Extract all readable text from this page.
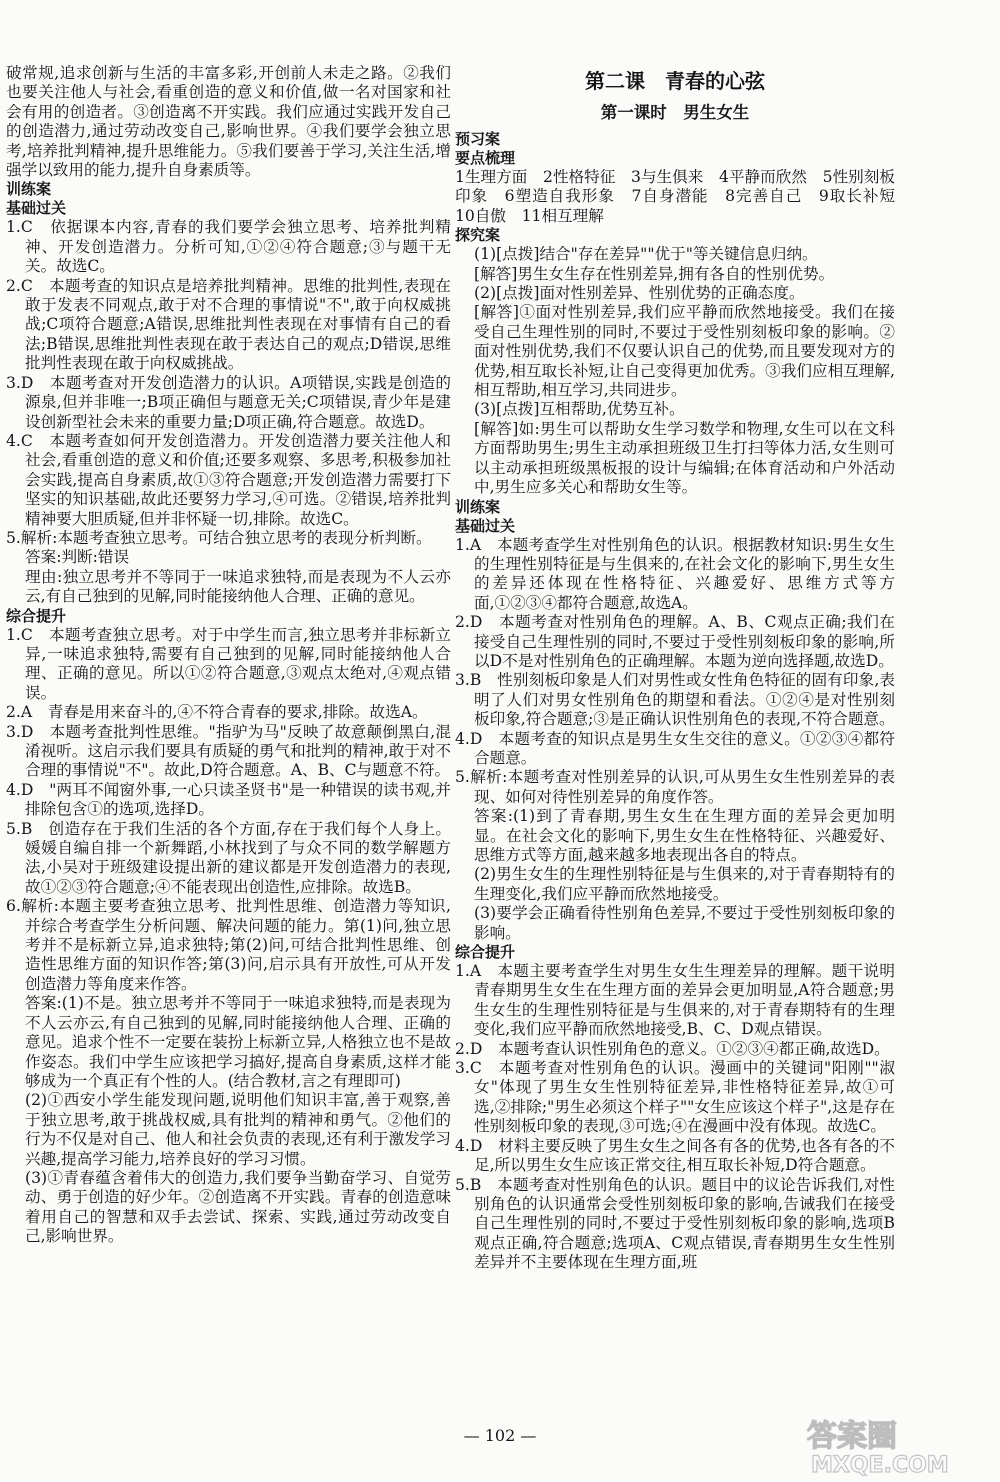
破常规,追求创新与生活的丰富多彩,开创前人未走之路。②我们也要关注他人与社会,看重创造的意义和价值,做一名对国家和社会有用的创造者。③创造离不开实践。我们应通过实践开发自己的创造潜力,通过劳动改变自己,影响世界。④我们要学会独立思考,培养批判精神,提升思维能力。⑤我们要善于学习,关注生活,增强学以致用的能力,提升自身素质等。

训练案

基础过关

1.C　依据课本内容,青春的我们要学会独立思考、培养批判精神、开发创造潜力。分析可知,①②④符合题意;③与题干无关。故选C。

2.C　本题考查的知识点是培养批判精神。思维的批判性,表现在敢于发表不同观点,敢于对不合理的事情说"不",敢于向权威挑战;C项符合题意;A错误,思维批判性表现在对事情有自己的看法;B错误,思维批判性表现在敢于表达自己的观点;D错误,思维批判性表现在敢于向权威挑战。

3.D　本题考查对开发创造潜力的认识。A项错误,实践是创造的源泉,但并非唯一;B项正确但与题意无关;C项错误,青少年是建设创新型社会未来的重要力量;D项正确,符合题意。故选D。

4.C　本题考查如何开发创造潜力。开发创造潜力要关注他人和社会,看重创造的意义和价值;还要多观察、多思考,积极参加社会实践,提高自身素质,故①③符合题意;开发创造潜力需要打下坚实的知识基础,故此还要努力学习,④可选。②错误,培养批判精神要大胆质疑,但并非怀疑一切,排除。故选C。

5.解析:本题考查独立思考。可结合独立思考的表现分析判断。

答案:判断:错误

理由:独立思考并不等同于一味追求独特,而是表现为不人云亦云,有自己独到的见解,同时能接纳他人合理、正确的意见。

综合提升

1.C　本题考查独立思考。对于中学生而言,独立思考并非标新立异,一味追求独特,需要有自己独到的见解,同时能接纳他人合理、正确的意见。所以①②符合题意,③观点太绝对,④观点错误。

2.A　青春是用来奋斗的,④不符合青春的要求,排除。故选A。

3.D　本题考查批判性思维。"指驴为马"反映了故意颠倒黑白,混淆视听。这启示我们要具有质疑的勇气和批判的精神,敢于对不合理的事情说"不"。故此,D符合题意。A、B、C与题意不符。

4.D　"两耳不闻窗外事,一心只读圣贤书"是一种错误的读书观,并排除包含①的选项,选择D。

5.B　创造存在于我们生活的各个方面,存在于我们每个人身上。媛媛自编自排一个新舞蹈,小林找到了与众不同的数学解题方法,小吴对于班级建设提出新的建议都是开发创造潜力的表现,故①②③符合题意;④不能表现出创造性,应排除。故选B。

6.解析:本题主要考查独立思考、批判性思维、创造潜力等知识,并综合考查学生分析问题、解决问题的能力。第(1)问,独立思考并不是标新立异,追求独特;第(2)问,可结合批判性思维、创造性思维方面的知识作答;第(3)问,启示具有开放性,可从开发创造潜力等角度来作答。

答案:(1)不是。独立思考并不等同于一味追求独特,而是表现为不人云亦云,有自己独到的见解,同时能接纳他人合理、正确的意见。追求个性不一定要在装扮上标新立异,人格独立也不是故作姿态。我们中学生应该把学习搞好,提高自身素质,这样才能够成为一个真正有个性的人。(结合教材,言之有理即可)

(2)①西安小学生能发现问题,说明他们知识丰富,善于观察,善于独立思考,敢于挑战权威,具有批判的精神和勇气。②他们的行为不仅是对自己、他人和社会负责的表现,还有利于激发学习兴趣,提高学习能力,培养良好的学习习惯。

(3)①青春蕴含着伟大的创造力,我们要争当勤奋学习、自觉劳动、勇于创造的好少年。②创造离不开实践。青春的创造意味着用自己的智慧和双手去尝试、探索、实践,通过劳动改变自己,影响世界。

第二课　青春的心弦
第一课时　男生女生

预习案

要点梳理

1生理方面　2性格特征　3与生俱来　4平静而欣然　5性别刻板印象　6塑造自我形象　7自身潜能　8完善自己　9取长补短　10自傲　11相互理解

探究案

(1)[点拨]结合"存在差异""优于"等关键信息归纳。

[解答]男生女生存在性别差异,拥有各自的性别优势。

(2)[点拨]面对性别差异、性别优势的正确态度。

[解答]①面对性别差异,我们应平静而欣然地接受。我们在接受自己生理性别的同时,不要过于受性别刻板印象的影响。②面对性别优势,我们不仅要认识自己的优势,而且要发现对方的优势,相互取长补短,让自己变得更加优秀。③我们应相互理解,相互帮助,相互学习,共同进步。

(3)[点拨]互相帮助,优势互补。

[解答]如:男生可以帮助女生学习数学和物理,女生可以在文科方面帮助男生;男生主动承担班级卫生打扫等体力活,女生则可以主动承担班级黑板报的设计与编辑;在体育活动和户外活动中,男生应多关心和帮助女生等。

训练案

基础过关

1.A　本题考查学生对性别角色的认识。根据教材知识:男生女生的生理性别特征是与生俱来的,在社会文化的影响下,男生女生的差异还体现在性格特征、兴趣爱好、思维方式等方面,①②③④都符合题意,故选A。

2.D　本题考查对性别角色的理解。A、B、C观点正确;我们在接受自己生理性别的同时,不要过于受性别刻板印象的影响,所以D不是对性别角色的正确理解。本题为逆向选择题,故选D。

3.B　性别刻板印象是人们对男性或女性角色特征的固有印象,表明了人们对男女性别角色的期望和看法。①②④是对性别刻板印象,符合题意;③是正确认识性别角色的表现,不符合题意。

4.D　本题考查的知识点是男生女生交往的意义。①②③④都符合题意。

5.解析:本题考查对性别差异的认识,可从男生女生性别差异的表现、如何对待性别差异的角度作答。

答案:(1)到了青春期,男生女生在生理方面的差异会更加明显。在社会文化的影响下,男生女生在性格特征、兴趣爱好、思维方式等方面,越来越多地表现出各自的特点。

(2)男生女生的生理性别特征是与生俱来的,对于青春期特有的生理变化,我们应平静而欣然地接受。

(3)要学会正确看待性别角色差异,不要过于受性别刻板印象的影响。

综合提升

1.A　本题主要考查学生对男生女生生理差异的理解。题干说明青春期男生女生在生理方面的差异会更加明显,A符合题意;男生女生的生理性别特征是与生俱来的,对于青春期特有的生理变化,我们应平静而欣然地接受,B、C、D观点错误。

2.D　本题考查认识性别角色的意义。①②③④都正确,故选D。

3.C　本题考查对性别角色的认识。漫画中的关键词"阳刚""淑女"体现了男生女生性别特征差异,非性格特征差异,故①可选,②排除;"男生必须这个样子""女生应该这个样子",这是存在性别刻板印象的表现,③可选;④在漫画中没有体现。故选C。

4.D　材料主要反映了男生女生之间各有各的优势,也各有各的不足,所以男生女生应该正常交往,相互取长补短,D符合题意。

5.B　本题考查对性别角色的认识。题目中的议论告诉我们,对性别角色的认识通常会受性别刻板印象的影响,告诫我们在接受自己生理性别的同时,不要过于受性别刻板印象的影响,选项B观点正确,符合题意;选项A、C观点错误,青春期男生女生性别差异并不主要体现在生理方面,班

— 102 —	答案圈
MXQE.COM
